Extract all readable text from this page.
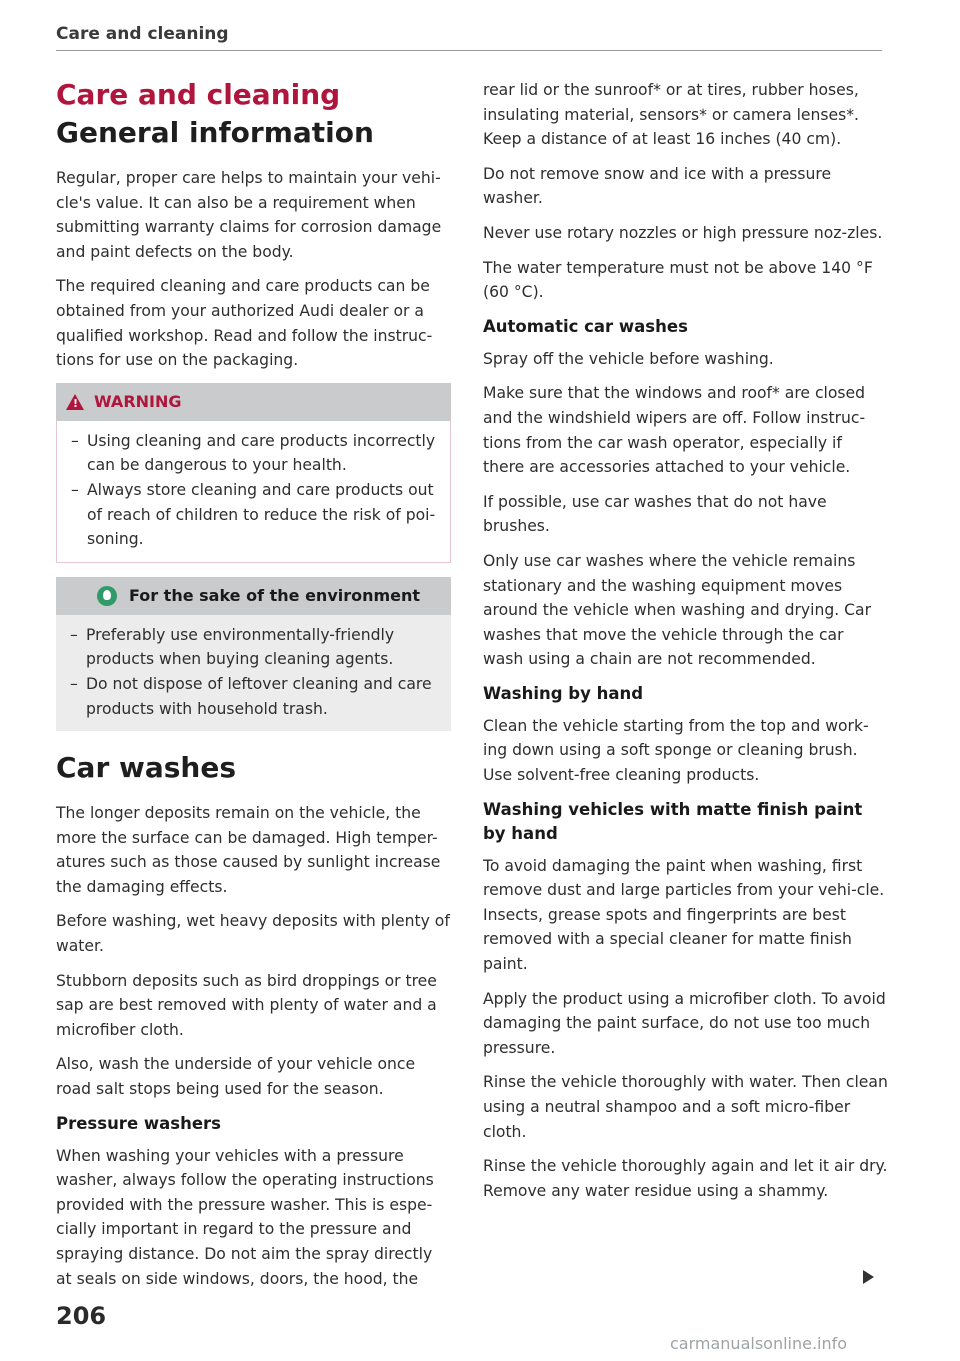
Care and cleaning
Care and cleaning
General information

Regular, proper care helps to maintain your vehi-cle's value. It can also be a requirement when submitting warranty claims for corrosion damage and paint defects on the body.

The required cleaning and care products can be obtained from your authorized Audi dealer or a qualified workshop. Read and follow the instruc-tions for use on the packaging.

! WARNING
– Using cleaning and care products incorrectly can be dangerous to your health.
– Always store cleaning and care products out of reach of children to reduce the risk of poi-soning.
For the sake of the environment
– Preferably use environmentally-friendly products when buying cleaning agents.
– Do not dispose of leftover cleaning and care products with household trash.
Car washes

The longer deposits remain on the vehicle, the more the surface can be damaged. High temper-atures such as those caused by sunlight increase the damaging effects.

Before washing, wet heavy deposits with plenty of water.

Stubborn deposits such as bird droppings or tree sap are best removed with plenty of water and a microfiber cloth.

Also, wash the underside of your vehicle once road salt stops being used for the season.

Pressure washers

When washing your vehicles with a pressure washer, always follow the operating instructions provided with the pressure washer. This is espe-cially important in regard to the pressure and spraying distance. Do not aim the spray directly at seals on side windows, doors, the hood, the

rear lid or the sunroof* or at tires, rubber hoses, insulating material, sensors* or camera lenses*. Keep a distance of at least 16 inches (40 cm).

Do not remove snow and ice with a pressure washer.

Never use rotary nozzles or high pressure noz-zles.

The water temperature must not be above 140 °F (60 °C).

Automatic car washes

Spray off the vehicle before washing.

Make sure that the windows and roof* are closed and the windshield wipers are off. Follow instruc-tions from the car wash operator, especially if there are accessories attached to your vehicle.

If possible, use car washes that do not have brushes.

Only use car washes where the vehicle remains stationary and the washing equipment moves around the vehicle when washing and drying. Car washes that move the vehicle through the car wash using a chain are not recommended.

Washing by hand

Clean the vehicle starting from the top and work-ing down using a soft sponge or cleaning brush. Use solvent-free cleaning products.

Washing vehicles with matte finish paint by hand

To avoid damaging the paint when washing, first remove dust and large particles from your vehi-cle. Insects, grease spots and fingerprints are best removed with a special cleaner for matte finish paint.

Apply the product using a microfiber cloth. To avoid damaging the paint surface, do not use too much pressure.

Rinse the vehicle thoroughly with water. Then clean using a neutral shampoo and a soft micro-fiber cloth.

Rinse the vehicle thoroughly again and let it air dry. Remove any water residue using a shammy.

206
carmanualsonline.info
